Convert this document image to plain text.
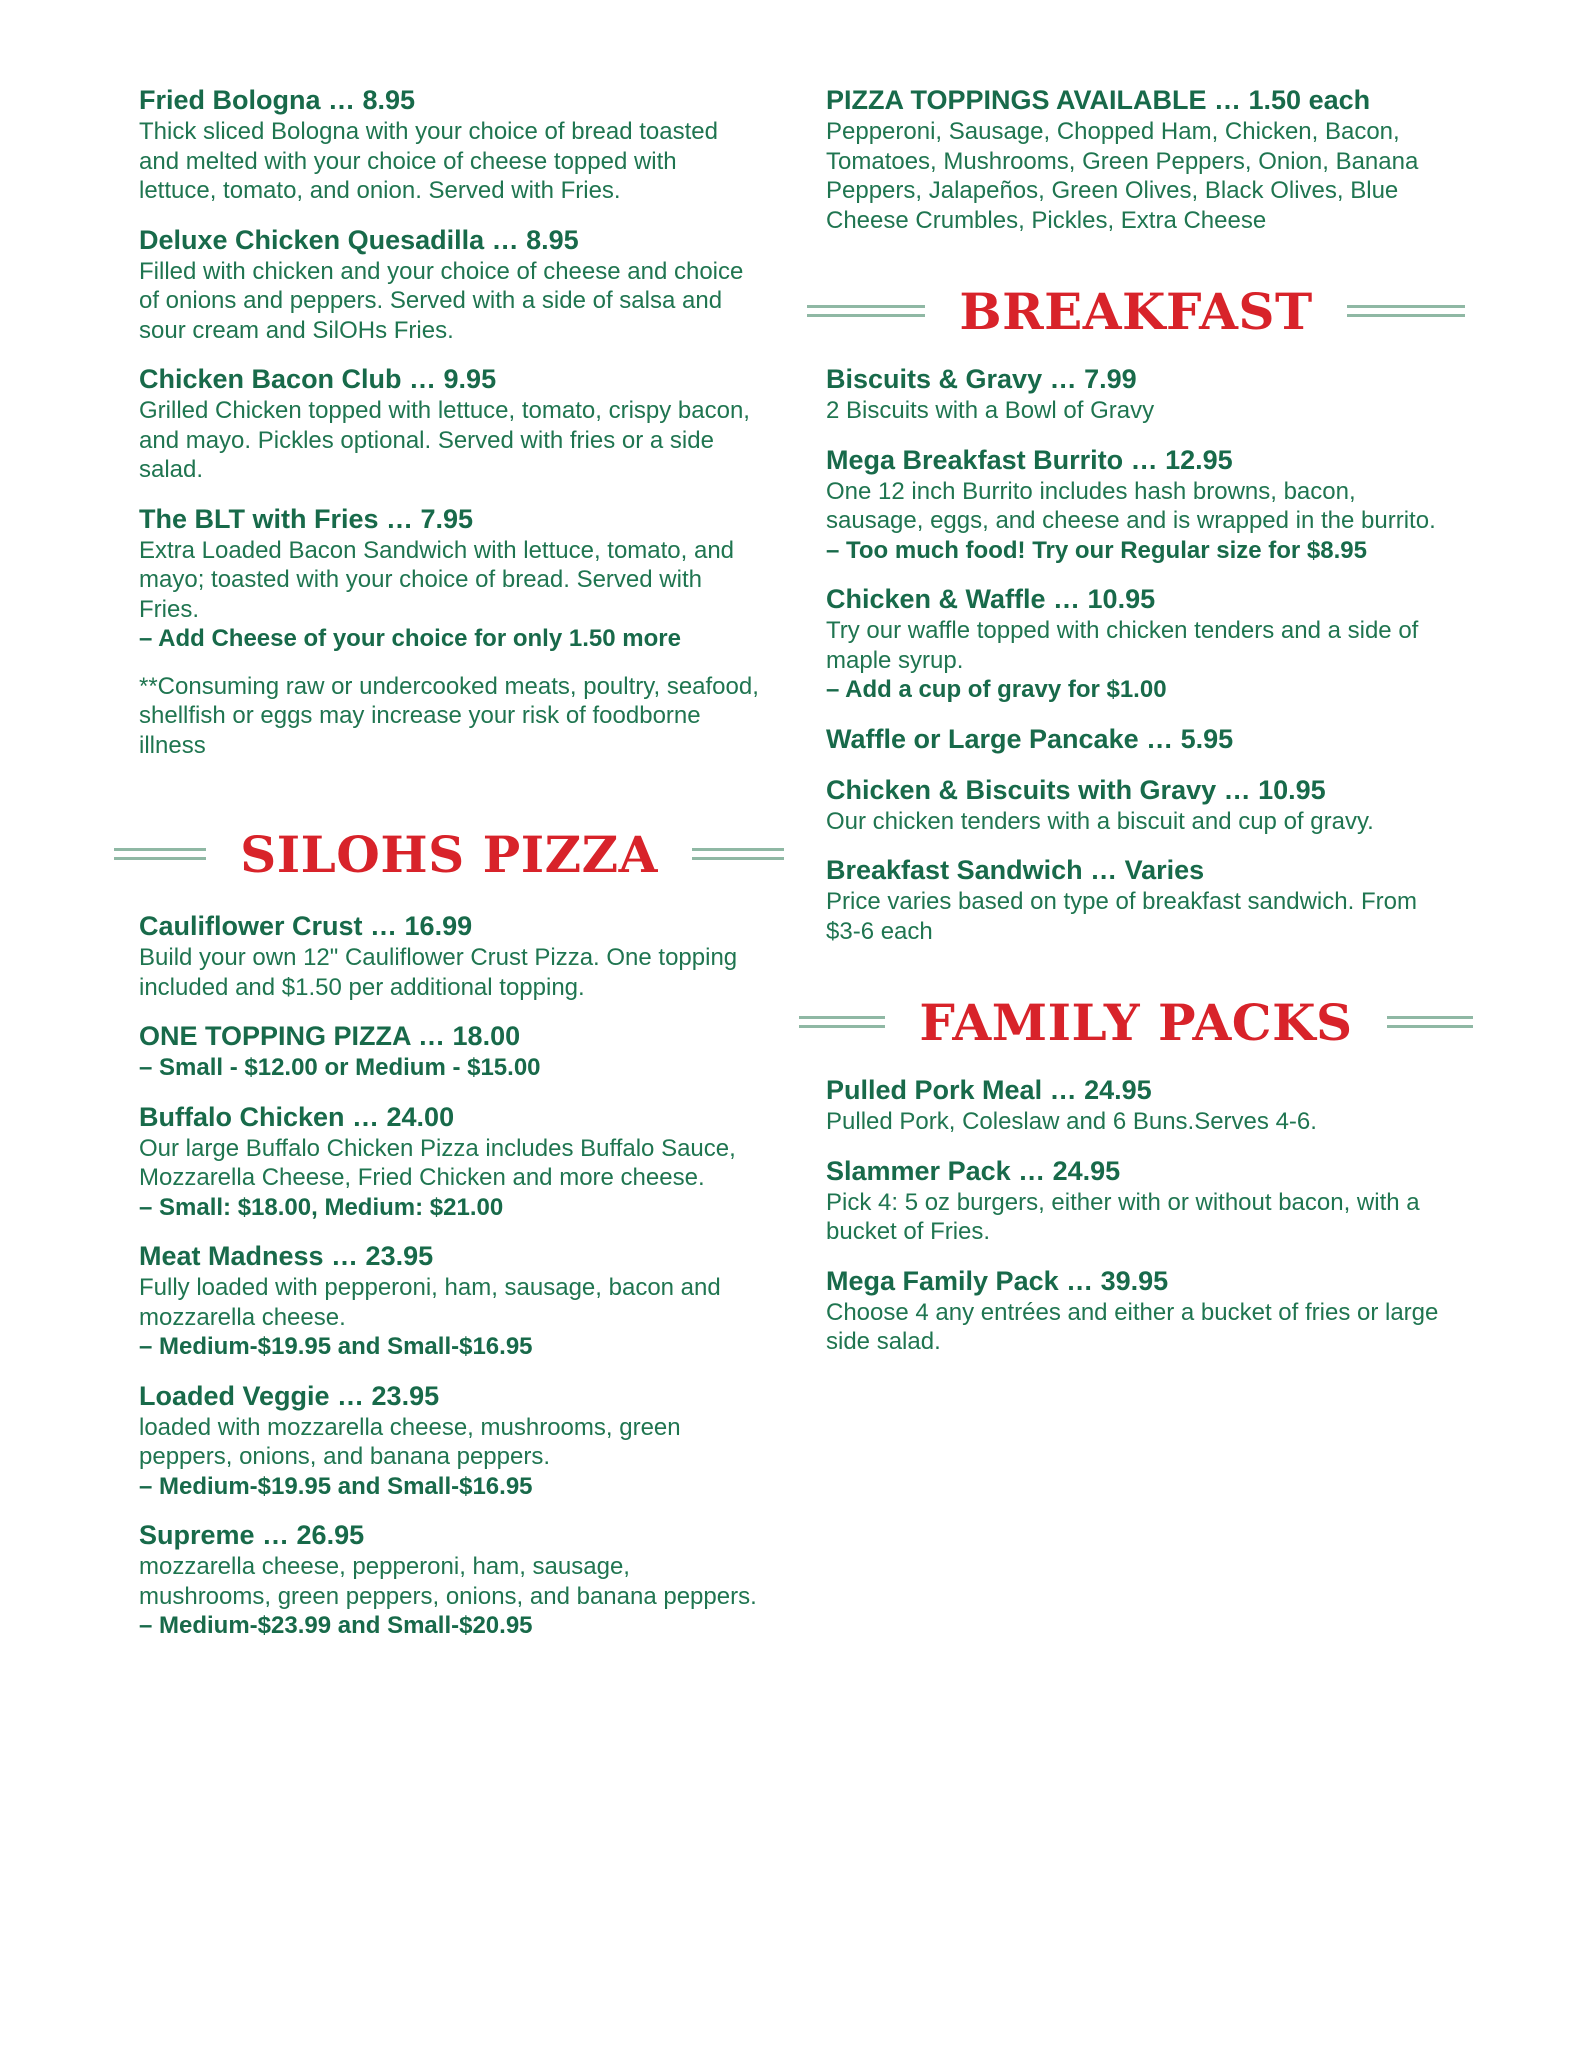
Fried Bologna … 8.95
Thick sliced Bologna with your choice of bread toasted and melted with your choice of cheese topped with lettuce, tomato, and onion. Served with Fries.
Deluxe Chicken Quesadilla … 8.95
Filled with chicken and your choice of cheese and choice of onions and peppers. Served with a side of salsa and sour cream and SilOHs Fries.
Chicken Bacon Club … 9.95
Grilled Chicken topped with lettuce, tomato, crispy bacon, and mayo. Pickles optional. Served with fries or a side salad.
The BLT with Fries … 7.95
Extra Loaded Bacon Sandwich with lettuce, tomato, and mayo; toasted with your choice of bread. Served with Fries.
– Add Cheese of your choice for only 1.50 more
**Consuming raw or undercooked meats, poultry, seafood, shellfish or eggs may increase your risk of foodborne illness
SILOHS PIZZA
Cauliflower Crust … 16.99
Build your own 12" Cauliflower Crust Pizza. One topping included and $1.50 per additional topping.
ONE TOPPING PIZZA … 18.00
– Small - $12.00 or Medium - $15.00
Buffalo Chicken … 24.00
Our large Buffalo Chicken Pizza includes Buffalo Sauce, Mozzarella Cheese, Fried Chicken and more cheese.
– Small: $18.00, Medium: $21.00
Meat Madness … 23.95
Fully loaded with pepperoni, ham, sausage, bacon and mozzarella cheese.
– Medium-$19.95 and Small-$16.95
Loaded Veggie … 23.95
loaded with mozzarella cheese, mushrooms, green peppers, onions, and banana peppers.
– Medium-$19.95 and Small-$16.95
Supreme … 26.95
mozzarella cheese, pepperoni, ham, sausage, mushrooms, green peppers, onions, and banana peppers.
– Medium-$23.99 and Small-$20.95
PIZZA TOPPINGS AVAILABLE … 1.50 each
Pepperoni, Sausage, Chopped Ham, Chicken, Bacon, Tomatoes, Mushrooms, Green Peppers, Onion, Banana Peppers, Jalapeños, Green Olives, Black Olives, Blue Cheese Crumbles, Pickles, Extra Cheese
BREAKFAST
Biscuits & Gravy … 7.99
2 Biscuits with a Bowl of Gravy
Mega Breakfast Burrito … 12.95
One 12 inch Burrito includes hash browns, bacon, sausage, eggs, and cheese and is wrapped in the burrito.
– Too much food! Try our Regular size for $8.95
Chicken & Waffle … 10.95
Try our waffle topped with chicken tenders and a side of maple syrup.
– Add a cup of gravy for $1.00
Waffle or Large Pancake … 5.95
Chicken & Biscuits with Gravy … 10.95
Our chicken tenders with a biscuit and cup of gravy.
Breakfast Sandwich … Varies
Price varies based on type of breakfast sandwich. From $3-6 each
FAMILY PACKS
Pulled Pork Meal … 24.95
Pulled Pork, Coleslaw and 6 Buns.Serves 4-6.
Slammer Pack … 24.95
Pick 4: 5 oz burgers, either with or without bacon, with a bucket of Fries.
Mega Family Pack … 39.95
Choose 4 any entrées and either a bucket of fries or large side salad.
